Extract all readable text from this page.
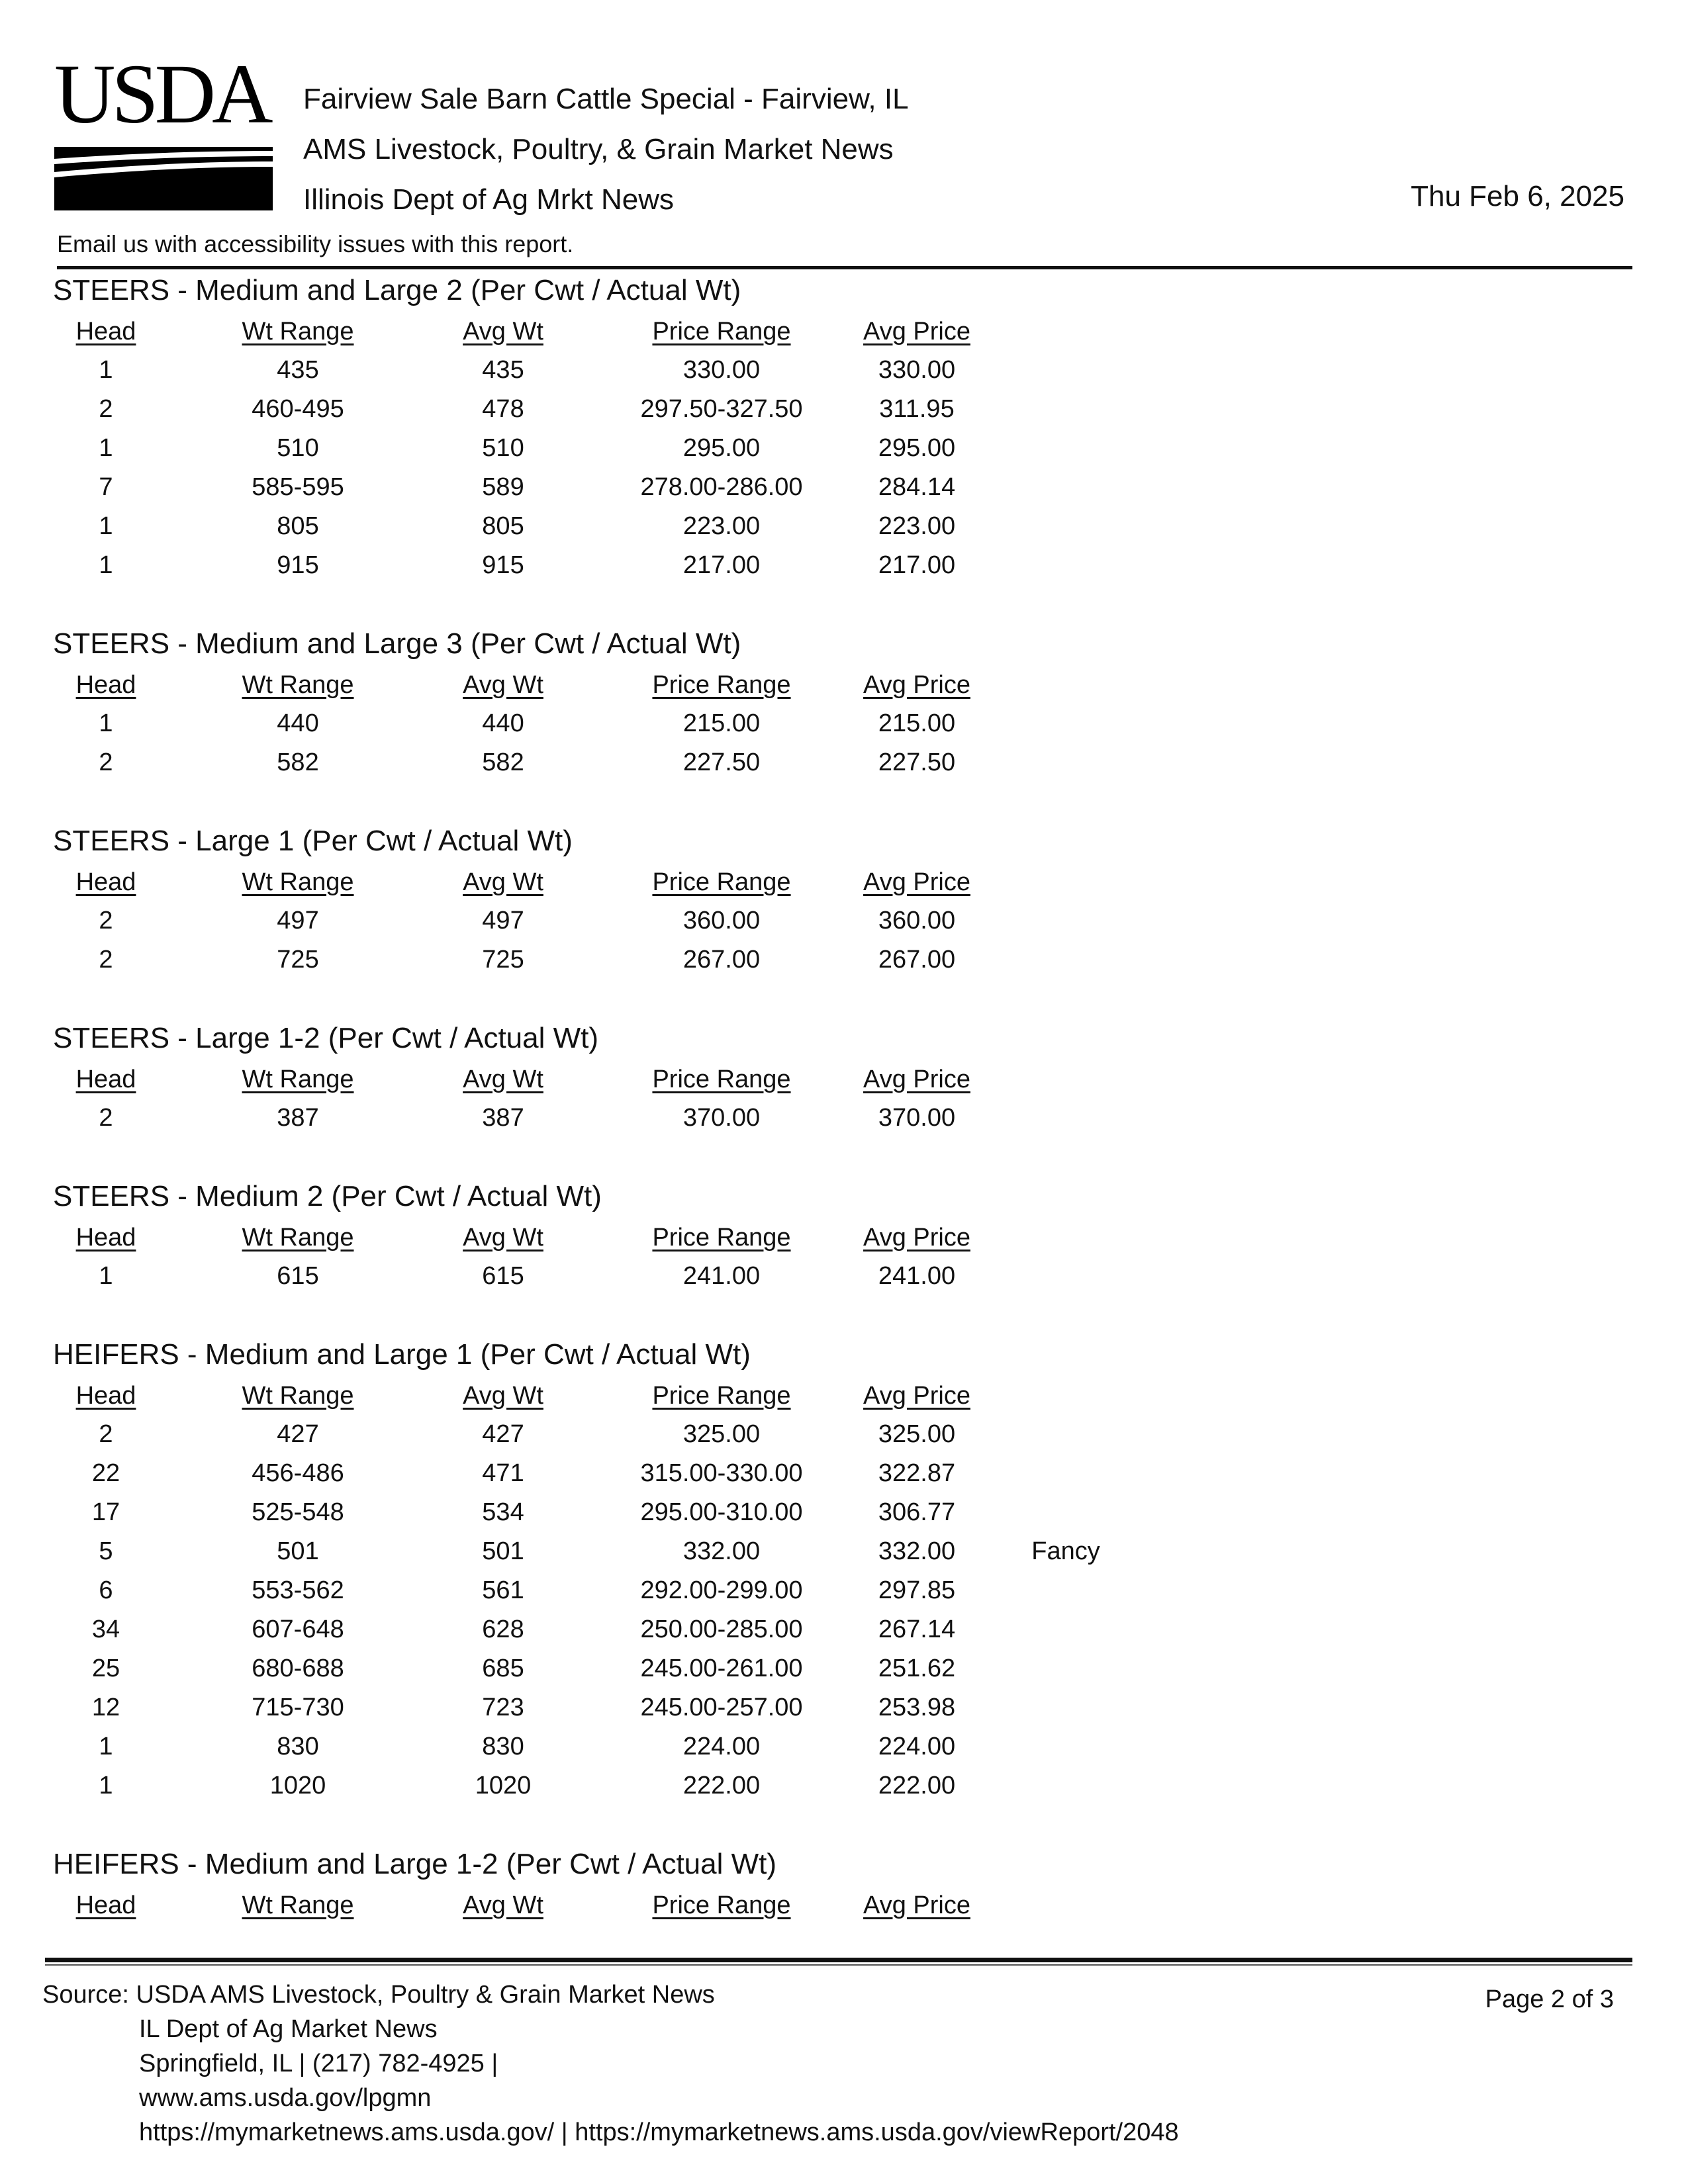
USDA Fairview Sale Barn Cattle Special - Fairview, IL
AMS Livestock, Poultry, & Grain Market News
Illinois Dept of Ag Mrkt News	Thu Feb 6, 2025
Email us with accessibility issues with this report.
STEERS - Medium and Large 2 (Per Cwt / Actual Wt)
Head	Wt Range	Avg Wt	Price Range	Avg Price
1	435	435	330.00	330.00
2	460-495	478	297.50-327.50	311.95
1	510	510	295.00	295.00
7	585-595	589	278.00-286.00	284.14
1	805	805	223.00	223.00
1	915	915	217.00	217.00
STEERS - Medium and Large 3 (Per Cwt / Actual Wt)
Head	Wt Range	Avg Wt	Price Range	Avg Price
1	440	440	215.00	215.00
2	582	582	227.50	227.50
STEERS - Large 1 (Per Cwt / Actual Wt)
Head	Wt Range	Avg Wt	Price Range	Avg Price
2	497	497	360.00	360.00
2	725	725	267.00	267.00
STEERS - Large 1-2 (Per Cwt / Actual Wt)
Head	Wt Range	Avg Wt	Price Range	Avg Price
2	387	387	370.00	370.00
STEERS - Medium 2 (Per Cwt / Actual Wt)
Head	Wt Range	Avg Wt	Price Range	Avg Price
1	615	615	241.00	241.00
HEIFERS - Medium and Large 1 (Per Cwt / Actual Wt)
Head	Wt Range	Avg Wt	Price Range	Avg Price
2	427	427	325.00	325.00
22	456-486	471	315.00-330.00	322.87
17	525-548	534	295.00-310.00	306.77
5	501	501	332.00	332.00	Fancy
6	553-562	561	292.00-299.00	297.85
34	607-648	628	250.00-285.00	267.14
25	680-688	685	245.00-261.00	251.62
12	715-730	723	245.00-257.00	253.98
1	830	830	224.00	224.00
1	1020	1020	222.00	222.00
HEIFERS - Medium and Large 1-2 (Per Cwt / Actual Wt)
Head	Wt Range	Avg Wt	Price Range	Avg Price
Source: USDA AMS Livestock, Poultry & Grain Market News
IL Dept of Ag Market News
Springfield, IL | (217) 782-4925 |
www.ams.usda.gov/lpgmn
https://mymarketnews.ams.usda.gov/ | https://mymarketnews.ams.usda.gov/viewReport/2048
Page 2 of 3
